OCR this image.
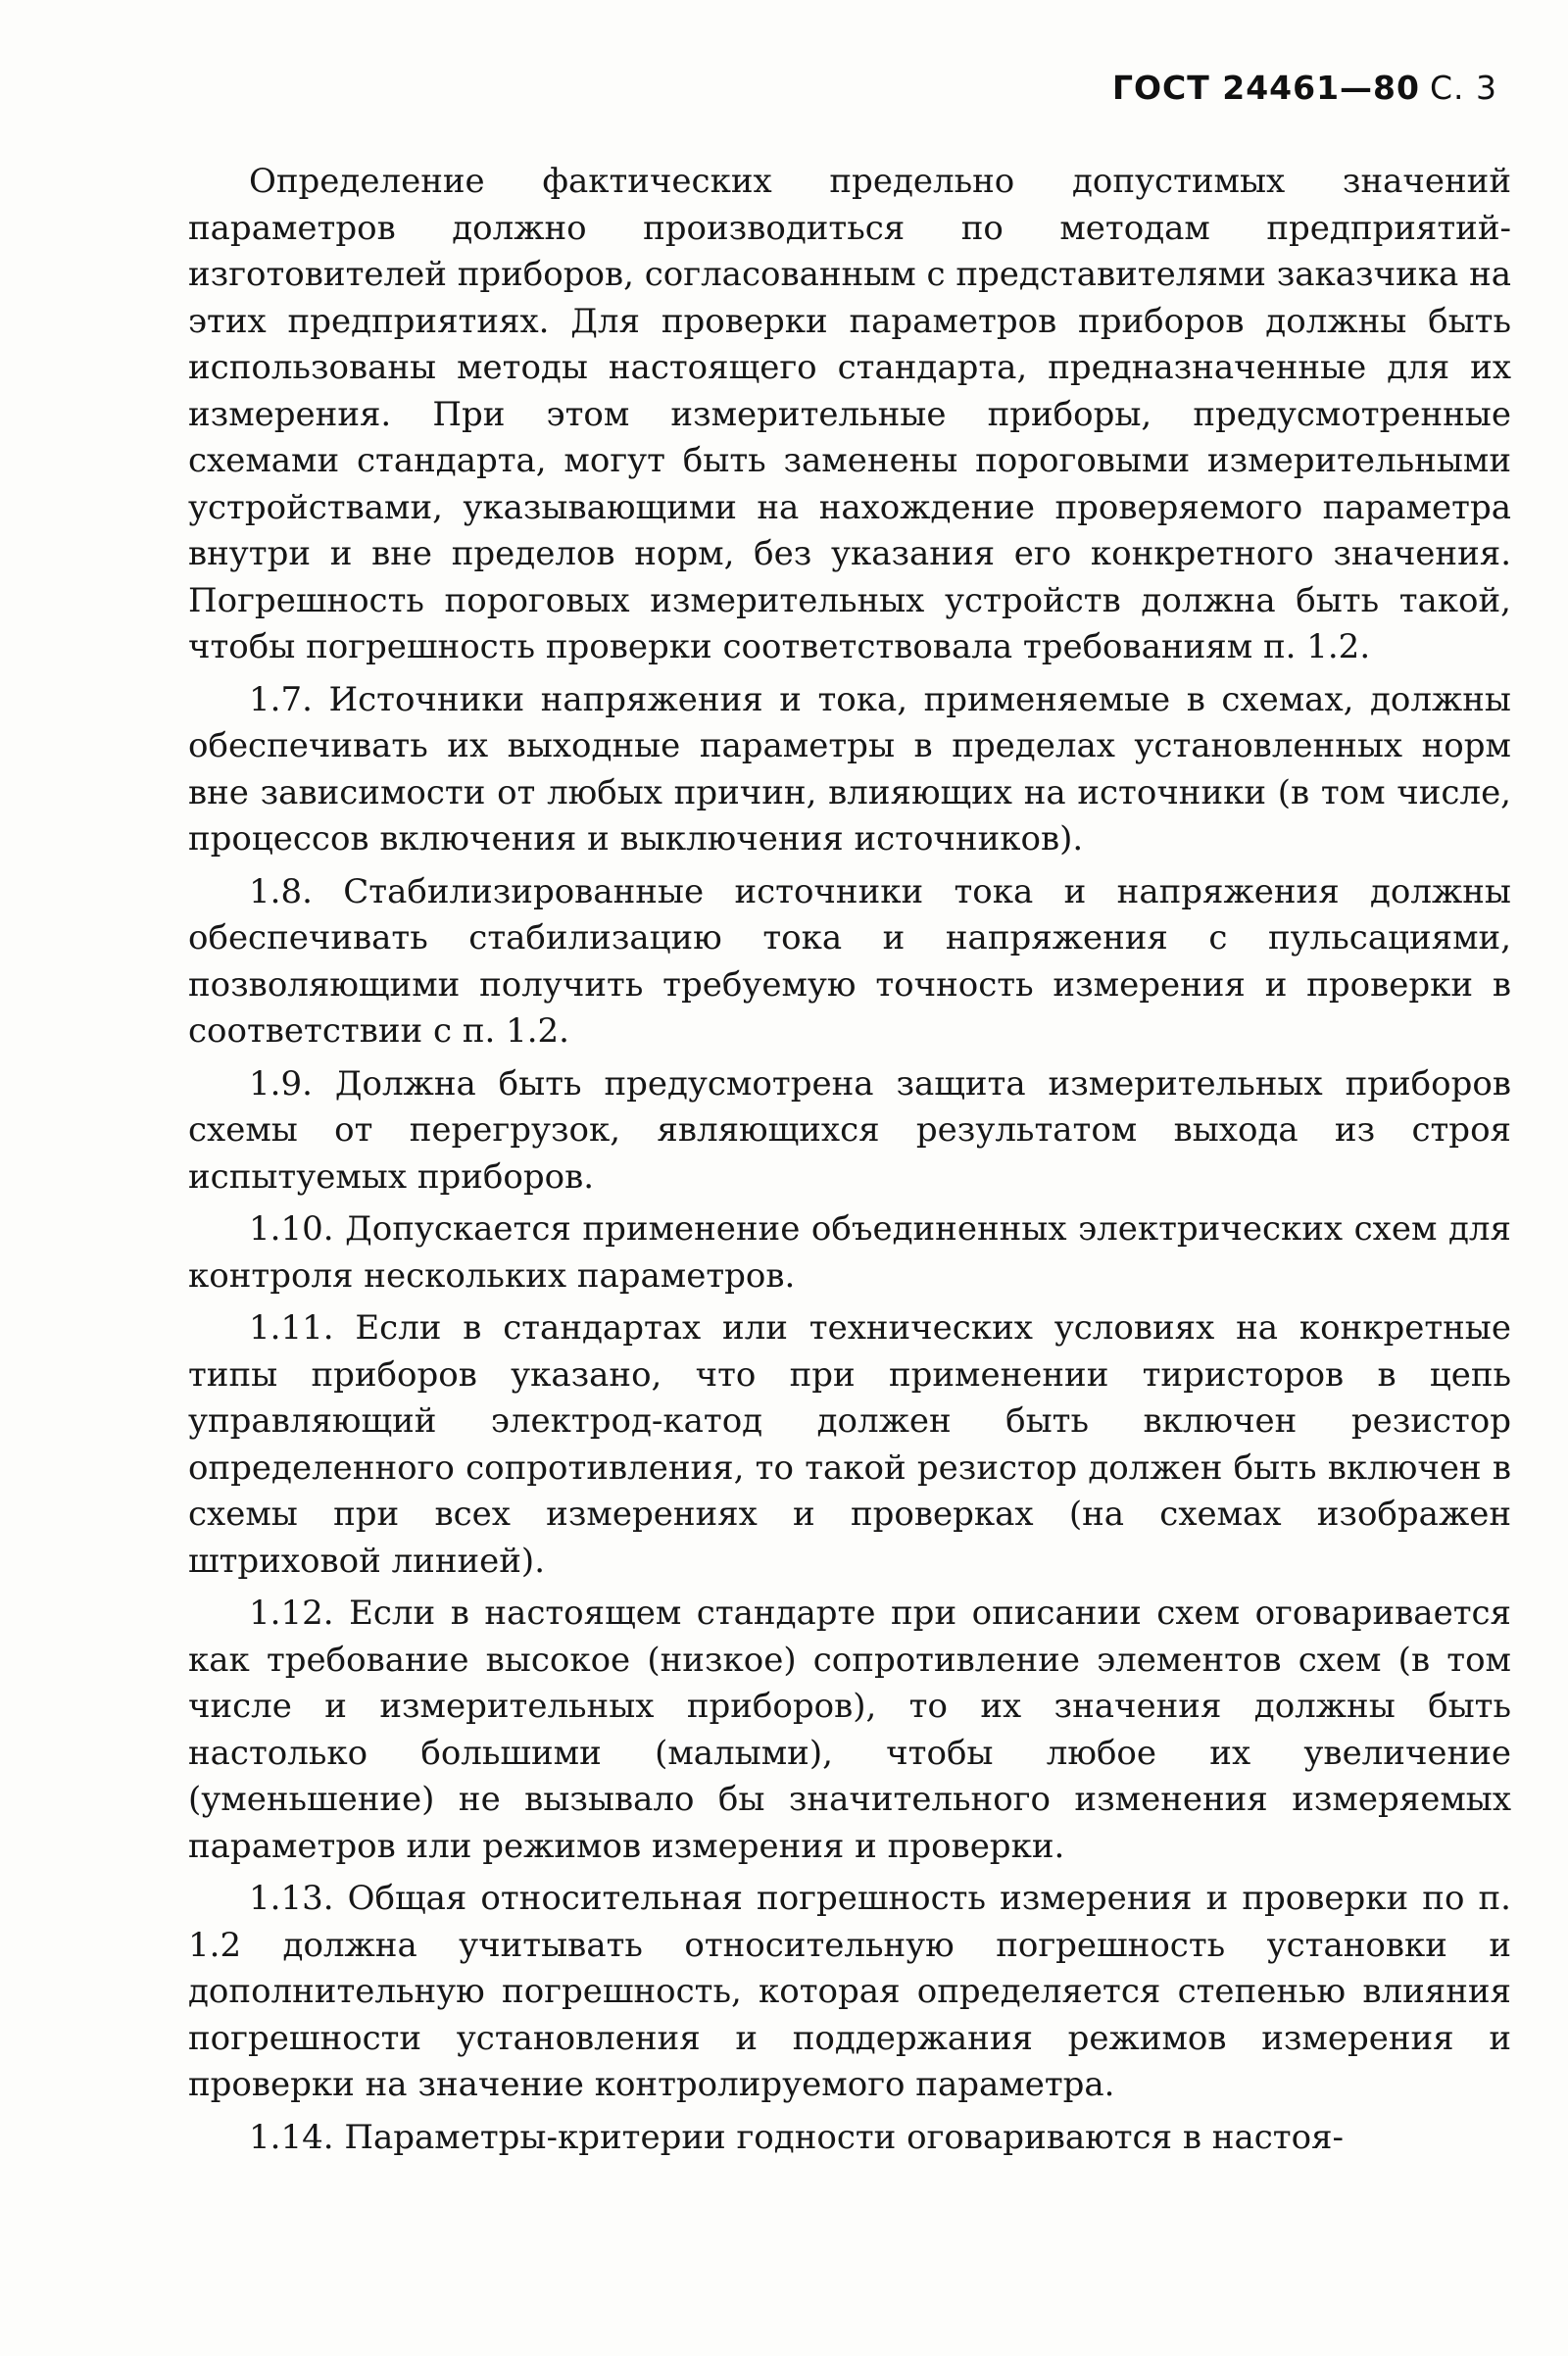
ГОСТ 24461—80 С. 3

Определение фактических предельно допустимых значений параметров должно производиться по методам предприятий-изготовителей приборов, согласованным с представителями заказчика на этих предприятиях. Для проверки параметров приборов должны быть использованы методы настоящего стандарта, предназначенные для их измерения. При этом измерительные приборы, предусмотренные схемами стандарта, могут быть заменены пороговыми измерительными устройствами, указывающими на нахождение проверяемого параметра внутри и вне пределов норм, без указания его конкретного значения. Погрешность пороговых измерительных устройств должна быть такой, чтобы погрешность проверки соответствовала требованиям п. 1.2.

1.7. Источники напряжения и тока, применяемые в схемах, должны обеспечивать их выходные параметры в пределах установленных норм вне зависимости от любых причин, влияющих на источники (в том числе, процессов включения и выключения источников).

1.8. Стабилизированные источники тока и напряжения должны обеспечивать стабилизацию тока и напряжения с пульсациями, позволяющими получить требуемую точность измерения и проверки в соответствии с п. 1.2.

1.9. Должна быть предусмотрена защита измерительных приборов схемы от перегрузок, являющихся результатом выхода из строя испытуемых приборов.

1.10. Допускается применение объединенных электрических схем для контроля нескольких параметров.

1.11. Если в стандартах или технических условиях на конкретные типы приборов указано, что при применении тиристоров в цепь управляющий электрод-катод должен быть включен резистор определенного сопротивления, то такой резистор должен быть включен в схемы при всех измерениях и проверках (на схемах изображен штриховой линией).

1.12. Если в настоящем стандарте при описании схем оговаривается как требование высокое (низкое) сопротивление элементов схем (в том числе и измерительных приборов), то их значения должны быть настолько большими (малыми), чтобы любое их увеличение (уменьшение) не вызывало бы значительного изменения измеряемых параметров или режимов измерения и проверки.

1.13. Общая относительная погрешность измерения и проверки по п. 1.2 должна учитывать относительную погрешность установки и дополнительную погрешность, которая определяется степенью влияния погрешности установления и поддержания режимов измерения и проверки на значение контролируемого параметра.

1.14. Параметры-критерии годности оговариваются в настоя-
